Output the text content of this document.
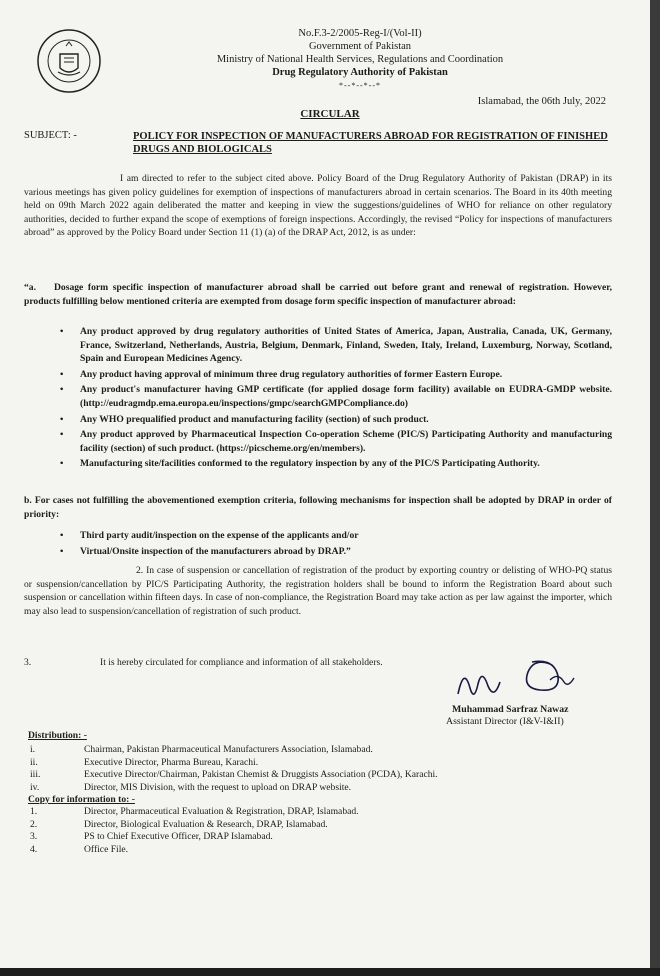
No.F.3-2/2005-Reg-I/(Vol-II)
Government of Pakistan
Ministry of National Health Services, Regulations and Coordination
Drug Regulatory Authority of Pakistan
*--*--*--*
Islamabad, the 06th July, 2022
CIRCULAR
SUBJECT: -	POLICY FOR INSPECTION OF MANUFACTURERS ABROAD FOR REGISTRATION OF FINISHED DRUGS AND BIOLOGICALS
I am directed to refer to the subject cited above. Policy Board of the Drug Regulatory Authority of Pakistan (DRAP) in its various meetings has given policy guidelines for exemption of inspections of manufacturers abroad in certain scenarios. The Board in its 40th meeting held on 09th March 2022 again deliberated the matter and keeping in view the suggestions/guidelines of WHO for reliance on other regulatory authorities, decided to further expand the scope of exemptions of foreign inspections. Accordingly, the revised “Policy for inspections of manufacturers abroad” as approved by the Policy Board under Section 11 (1) (a) of the DRAP Act, 2012, is as under:
“a. Dosage form specific inspection of manufacturer abroad shall be carried out before grant and renewal of registration. However, products fulfilling below mentioned criteria are exempted from dosage form specific inspection of manufacturer abroad:
• Any product approved by drug regulatory authorities of United States of America, Japan, Australia, Canada, UK, Germany, France, Switzerland, Netherlands, Austria, Belgium, Denmark, Finland, Sweden, Italy, Ireland, Luxemburg, Norway, Scotland, Spain and European Medicines Agency.
• Any product having approval of minimum three drug regulatory authorities of former Eastern Europe.
• Any product's manufacturer having GMP certificate (for applied dosage form facility) available on EUDRA-GMDP website. (http://eudragmdp.ema.europa.eu/inspections/gmpc/searchGMPCompliance.do)
• Any WHO prequalified product and manufacturing facility (section) of such product.
• Any product approved by Pharmaceutical Inspection Co-operation Scheme (PIC/S) Participating Authority and manufacturing facility (section) of such product. (https://picscheme.org/en/members).
• Manufacturing site/facilities conformed to the regulatory inspection by any of the PIC/S Participating Authority.
b. For cases not fulfilling the abovementioned exemption criteria, following mechanisms for inspection shall be adopted by DRAP in order of priority:
• Third party audit/inspection on the expense of the applicants and/or
• Virtual/Onsite inspection of the manufacturers abroad by DRAP.”
2. In case of suspension or cancellation of registration of the product by exporting country or delisting of WHO-PQ status or suspension/cancellation by PIC/S Participating Authority, the registration holders shall be bound to inform the Registration Board about such suspension or cancellation within fifteen days. In case of non-compliance, the Registration Board may take action as per law against the importer, which may also lead to suspension/cancellation of registration of such product.
3.	It is hereby circulated for compliance and information of all stakeholders.
Muhammad Sarfraz Nawaz
Assistant Director (I&V-I&II)
Distribution: -
i.	Chairman, Pakistan Pharmaceutical Manufacturers Association, Islamabad.
ii.	Executive Director, Pharma Bureau, Karachi.
iii.	Executive Director/Chairman, Pakistan Chemist & Druggists Association (PCDA), Karachi.
iv.	Director, MIS Division, with the request to upload on DRAP website.
Copy for information to: -
1.	Director, Pharmaceutical Evaluation & Registration, DRAP, Islamabad.
2.	Director, Biological Evaluation & Research, DRAP, Islamabad.
3.	PS to Chief Executive Officer, DRAP Islamabad.
4.	Office File.
